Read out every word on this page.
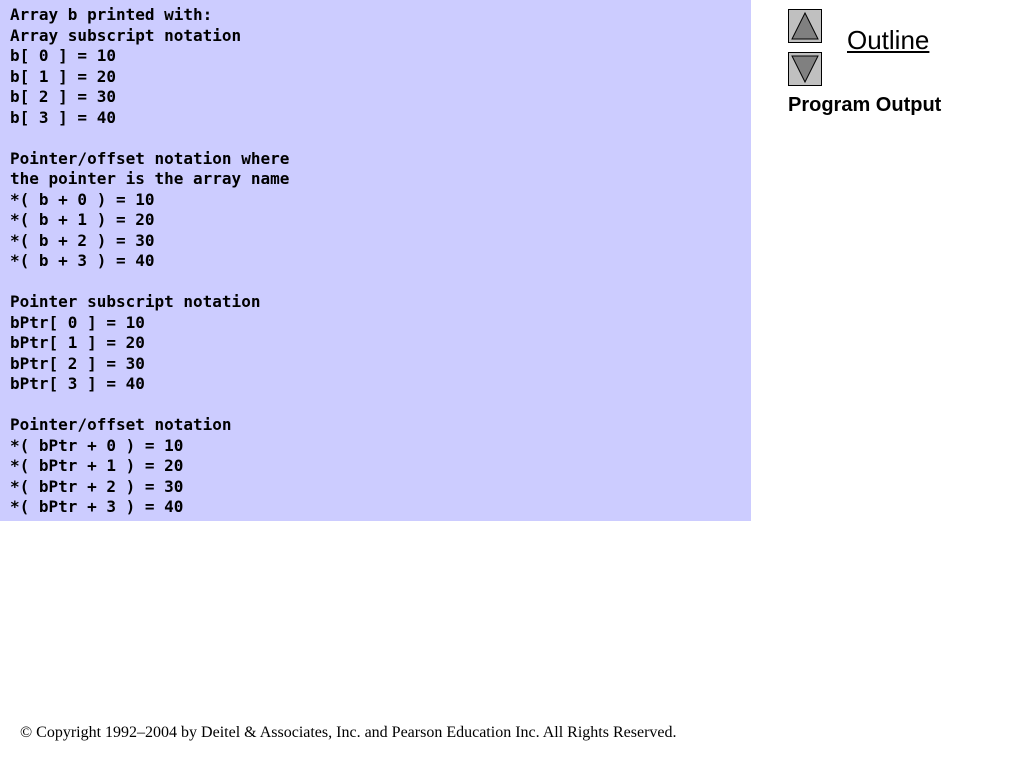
Array b printed with:
Array subscript notation
b[ 0 ] = 10
b[ 1 ] = 20
b[ 2 ] = 30
b[ 3 ] = 40
Pointer/offset notation where
the pointer is the array name
*( b + 0 ) = 10
*( b + 1 ) = 20
*( b + 2 ) = 30
*( b + 3 ) = 40
Pointer subscript notation
bPtr[ 0 ] = 10
bPtr[ 1 ] = 20
bPtr[ 2 ] = 30
bPtr[ 3 ] = 40
Pointer/offset notation
*( bPtr + 0 ) = 10
*( bPtr + 1 ) = 20
*( bPtr + 2 ) = 30
*( bPtr + 3 ) = 40
Outline
Program Output
© Copyright 1992–2004 by Deitel & Associates, Inc. and Pearson Education Inc. All Rights Reserved.
